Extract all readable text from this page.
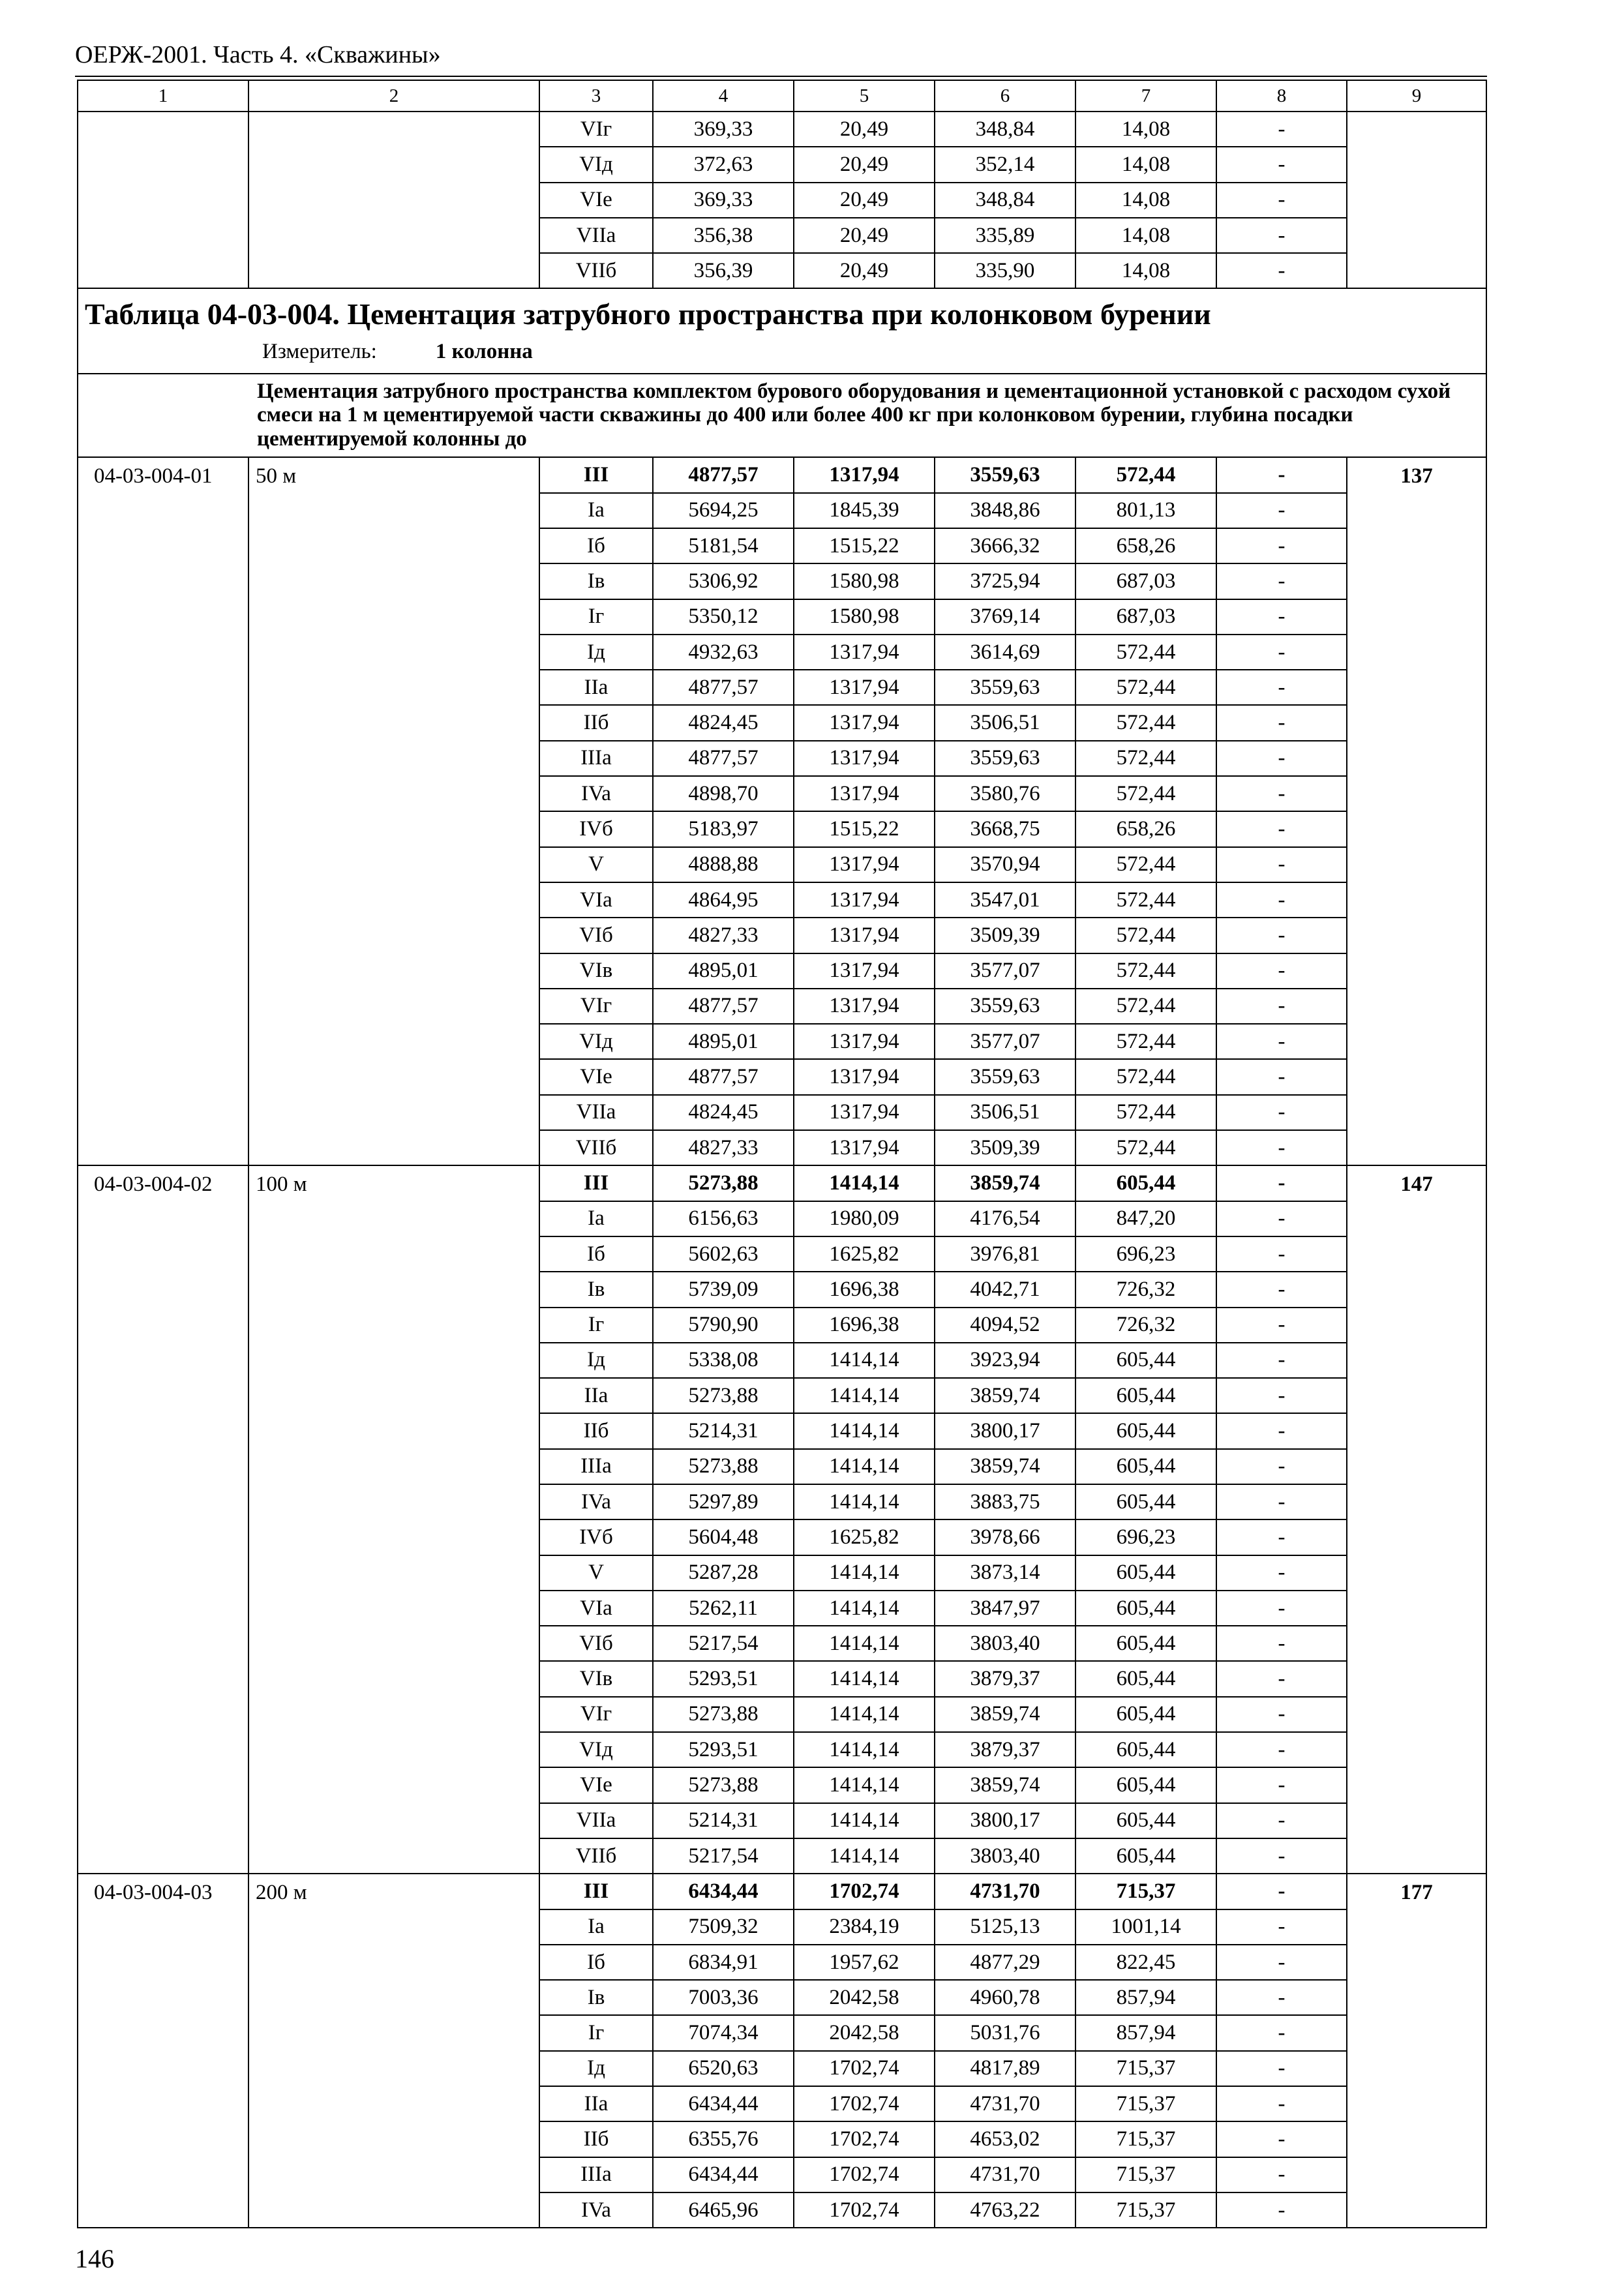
ОЕРЖ-2001. Часть 4. «Скважины»
1	2	3	4	5	6	7	8	9
		VIг	369,33	20,49	348,84	14,08	-	
		VIд	372,63	20,49	352,14	14,08	-	
		VIe	369,33	20,49	348,84	14,08	-	
		VIIa	356,38	20,49	335,89	14,08	-	
		VIIб	356,39	20,49	335,90	14,08	-	

Таблица 04-03-004. Цементация затрубного пространства при колонковом бурении
Измеритель: 1 колонна								

Цементация затрубного пространства комплектом бурового оборудования и цементационной установкой с расходом сухой смеси на 1 м цементируемой части скважины до 400 или более 400 кг при колонковом бурении, глубина посадки цементируемой колонны до								
04-03-004-01	50 м	III	4877,57	1317,94	3559,63	572,44	-	137
		Ia	5694,25	1845,39	3848,86	801,13	-	
		Iб	5181,54	1515,22	3666,32	658,26	-	
		Iв	5306,92	1580,98	3725,94	687,03	-	
		Iг	5350,12	1580,98	3769,14	687,03	-	
		Iд	4932,63	1317,94	3614,69	572,44	-	
		IIa	4877,57	1317,94	3559,63	572,44	-	
		IIб	4824,45	1317,94	3506,51	572,44	-	
		IIIa	4877,57	1317,94	3559,63	572,44	-	
		IVa	4898,70	1317,94	3580,76	572,44	-	
		IVб	5183,97	1515,22	3668,75	658,26	-	
		V	4888,88	1317,94	3570,94	572,44	-	
		VIa	4864,95	1317,94	3547,01	572,44	-	
		VIб	4827,33	1317,94	3509,39	572,44	-	
		VIв	4895,01	1317,94	3577,07	572,44	-	
		VIг	4877,57	1317,94	3559,63	572,44	-	
		VIд	4895,01	1317,94	3577,07	572,44	-	
		VIe	4877,57	1317,94	3559,63	572,44	-	
		VIIa	4824,45	1317,94	3506,51	572,44	-	
		VIIб	4827,33	1317,94	3509,39	572,44	-	
04-03-004-02	100 м	III	5273,88	1414,14	3859,74	605,44	-	147
		Ia	6156,63	1980,09	4176,54	847,20	-	
		Iб	5602,63	1625,82	3976,81	696,23	-	
		Iв	5739,09	1696,38	4042,71	726,32	-	
		Iг	5790,90	1696,38	4094,52	726,32	-	
		Iд	5338,08	1414,14	3923,94	605,44	-	
		IIa	5273,88	1414,14	3859,74	605,44	-	
		IIб	5214,31	1414,14	3800,17	605,44	-	
		IIIa	5273,88	1414,14	3859,74	605,44	-	
		IVa	5297,89	1414,14	3883,75	605,44	-	
		IVб	5604,48	1625,82	3978,66	696,23	-	
		V	5287,28	1414,14	3873,14	605,44	-	
		VIa	5262,11	1414,14	3847,97	605,44	-	
		VIб	5217,54	1414,14	3803,40	605,44	-	
		VIв	5293,51	1414,14	3879,37	605,44	-	
		VIг	5273,88	1414,14	3859,74	605,44	-	
		VIд	5293,51	1414,14	3879,37	605,44	-	
		VIe	5273,88	1414,14	3859,74	605,44	-	
		VIIa	5214,31	1414,14	3800,17	605,44	-	
		VIIб	5217,54	1414,14	3803,40	605,44	-	
04-03-004-03	200 м	III	6434,44	1702,74	4731,70	715,37	-	177
		Ia	7509,32	2384,19	5125,13	1001,14	-	
		Iб	6834,91	1957,62	4877,29	822,45	-	
		Iв	7003,36	2042,58	4960,78	857,94	-	
		Iг	7074,34	2042,58	5031,76	857,94	-	
		Iд	6520,63	1702,74	4817,89	715,37	-	
		IIa	6434,44	1702,74	4731,70	715,37	-	
		IIб	6355,76	1702,74	4653,02	715,37	-	
		IIIa	6434,44	1702,74	4731,70	715,37	-	
		IVa	6465,96	1702,74	4763,22	715,37	-	
146
